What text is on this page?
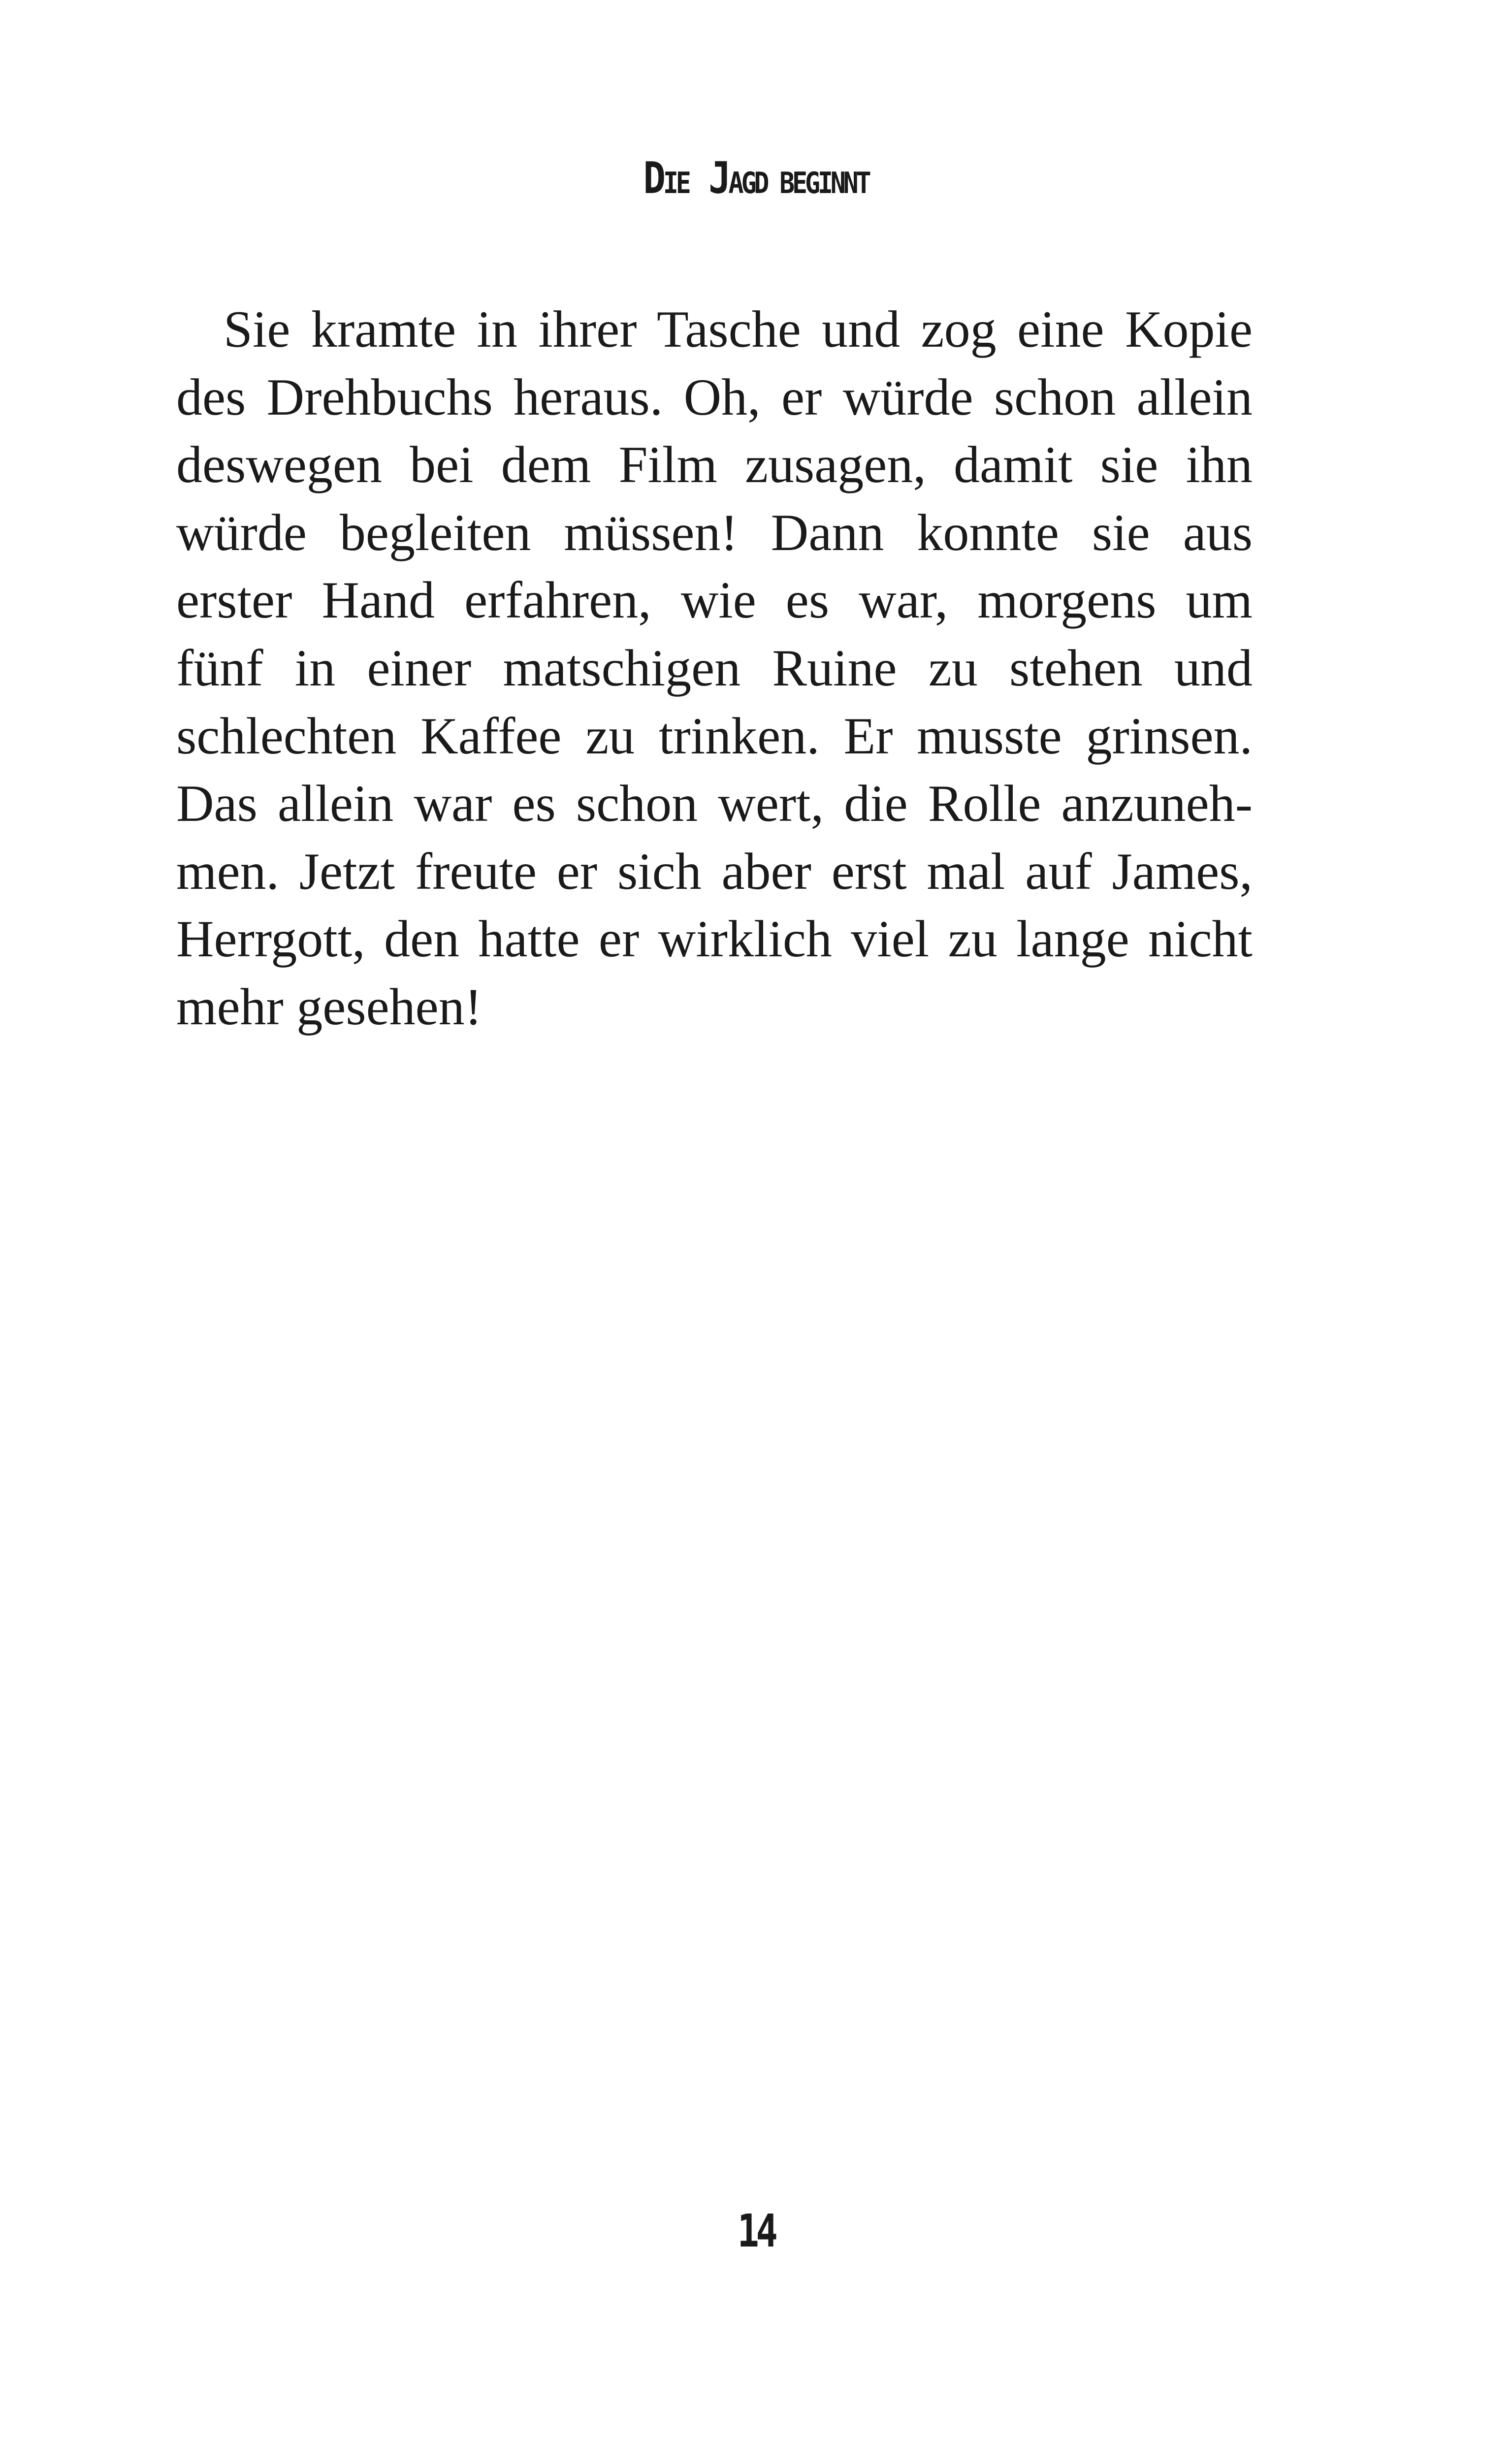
DIE JAGD BEGINNT
Sie kramte in ihrer Tasche und zog eine Kopie
des Drehbuchs heraus. Oh, er würde schon allein
deswegen bei dem Film zusagen, damit sie ihn
würde begleiten müssen! Dann konnte sie aus
erster Hand erfahren, wie es war, morgens um
fünf in einer matschigen Ruine zu stehen und
schlechten Kaffee zu trinken. Er musste grinsen.
Das allein war es schon wert, die Rolle anzuneh-
men. Jetzt freute er sich aber erst mal auf James,
Herrgott, den hatte er wirklich viel zu lange nicht
mehr gesehen!
14
